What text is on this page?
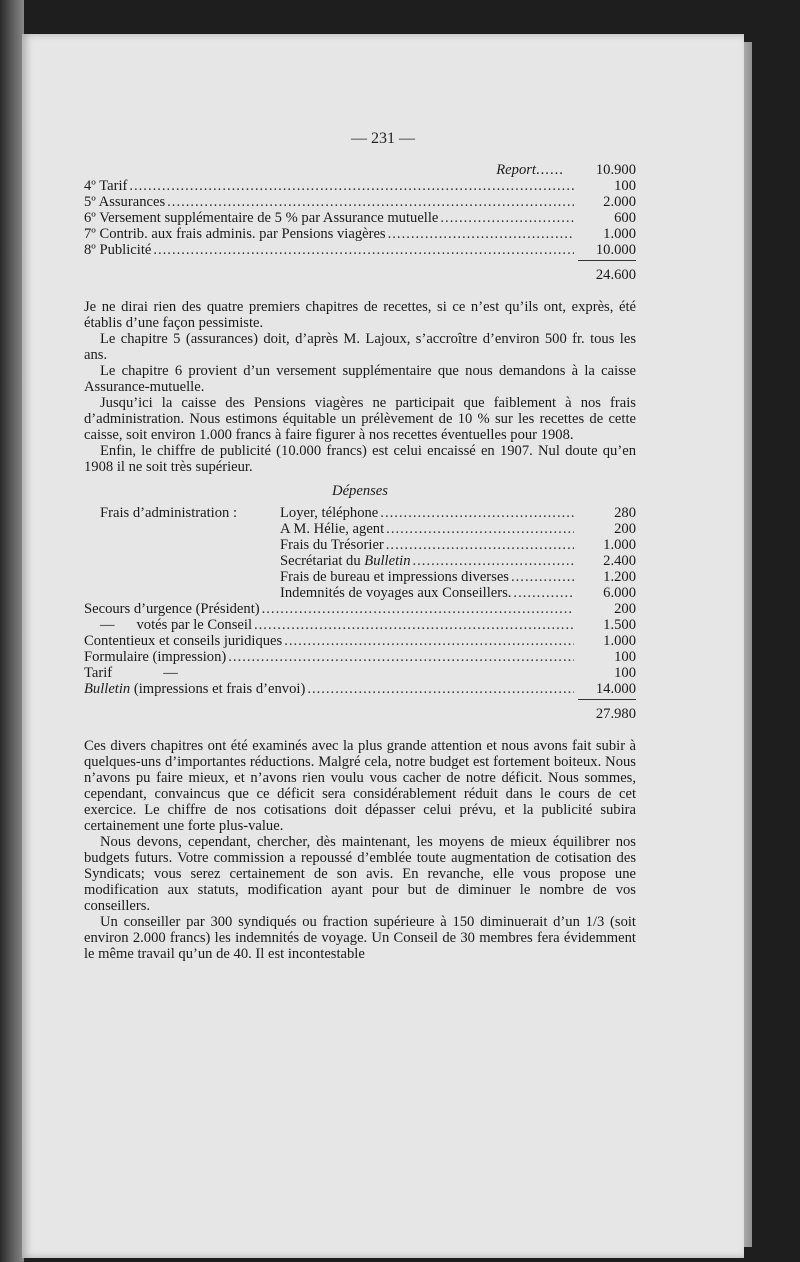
— 231 —
Report ......	10.900
4º Tarif .....	100
5º Assurances .....	2.000
6º Versement supplémentaire de 5 % par Assurance mutuelle .....	600
7º Contrib. aux frais adminis. par Pensions viagères .....	1.000
8º Publicité .....	10.000
24.600

Je ne dirai rien des quatre premiers chapitres de recettes, si ce n’est qu’ils ont, exprès, été établis d’une façon pessimiste.

Le chapitre 5 (assurances) doit, d’après M. Lajoux, s’accroître d’environ 500 fr. tous les ans.

Le chapitre 6 provient d’un versement supplémentaire que nous demandons à la caisse Assurance-mutuelle.

Jusqu’ici la caisse des Pensions viagères ne participait que faiblement à nos frais d’administration. Nous estimons équitable un prélèvement de 10 % sur les recettes de cette caisse, soit environ 1.000 francs à faire figurer à nos recettes éventuelles pour 1908.

Enfin, le chiffre de publicité (10.000 francs) est celui encaissé en 1907. Nul doute qu’en 1908 il ne soit très supérieur.

Dépenses
Frais d’administration :	Loyer, téléphone .....	280
A M. Hélie, agent .....	200
Frais du Trésorier .....	1.000
Secrétariat du Bulletin .....	2.400
Frais de bureau et impressions diverses .....	1.200
Indemnités de voyages aux Conseillers. .....	6.000
Secours d’urgence (Président) .....	200
—      votés par le Conseil .....	1.500
Contentieux et conseils juridiques .....	1.000
Formulaire (impression) .....	100
Tarif              —	100
Bulletin (impressions et frais d’envoi) .....	14.000
27.980

Ces divers chapitres ont été examinés avec la plus grande attention et nous avons fait subir à quelques-uns d’importantes réductions. Malgré cela, notre budget est fortement boiteux. Nous n’avons pu faire mieux, et n’avons rien voulu vous cacher de notre déficit. Nous sommes, cependant, convaincus que ce déficit sera considérablement réduit dans le cours de cet exercice. Le chiffre de nos cotisations doit dépasser celui prévu, et la publicité subira certainement une forte plus-value.

Nous devons, cependant, chercher, dès maintenant, les moyens de mieux équilibrer nos budgets futurs. Votre commission a repoussé d’emblée toute augmentation de cotisation des Syndicats; vous serez certainement de son avis. En revanche, elle vous propose une modification aux statuts, modification ayant pour but de diminuer le nombre de vos conseillers.

Un conseiller par 300 syndiqués ou fraction supérieure à 150 diminuerait d’un 1/3 (soit environ 2.000 francs) les indemnités de voyage. Un Conseil de 30 membres fera évidemment le même travail qu’un de 40. Il est incontestable
